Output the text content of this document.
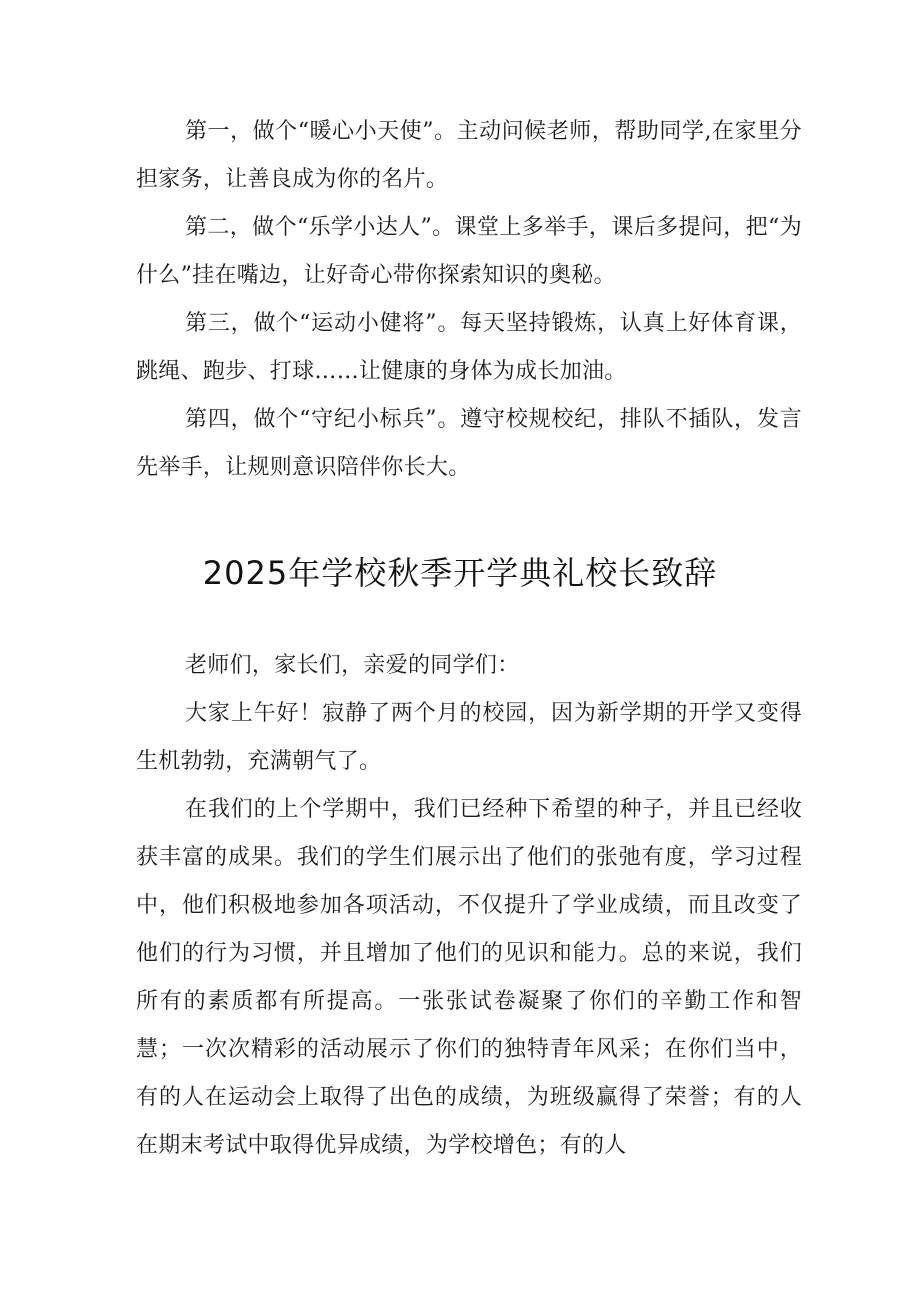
第一，做个“暖心小天使”。主动问候老师，帮助同学,在家里分担家务，让善良成为你的名片。

第二，做个“乐学小达人”。课堂上多举手，课后多提问，把“为什么”挂在嘴边，让好奇心带你探索知识的奥秘。

第三，做个“运动小健将”。每天坚持锻炼，认真上好体育课，跳绳、跑步、打球……让健康的身体为成长加油。

第四，做个“守纪小标兵”。遵守校规校纪，排队不插队，发言先举手，让规则意识陪伴你长大。

2025年学校秋季开学典礼校长致辞

老师们，家长们，亲爱的同学们：

大家上午好！寂静了两个月的校园，因为新学期的开学又变得生机勃勃，充满朝气了。

在我们的上个学期中，我们已经种下希望的种子，并且已经收获丰富的成果。我们的学生们展示出了他们的张弛有度，学习过程中，他们积极地参加各项活动，不仅提升了学业成绩，而且改变了他们的行为习惯，并且增加了他们的见识和能力。总的来说，我们所有的素质都有所提高。一张张试卷凝聚了你们的辛勤工作和智慧；一次次精彩的活动展示了你们的独特青年风采；在你们当中，有的人在运动会上取得了出色的成绩，为班级赢得了荣誉；有的人在期末考试中取得优异成绩，为学校增色；有的人
